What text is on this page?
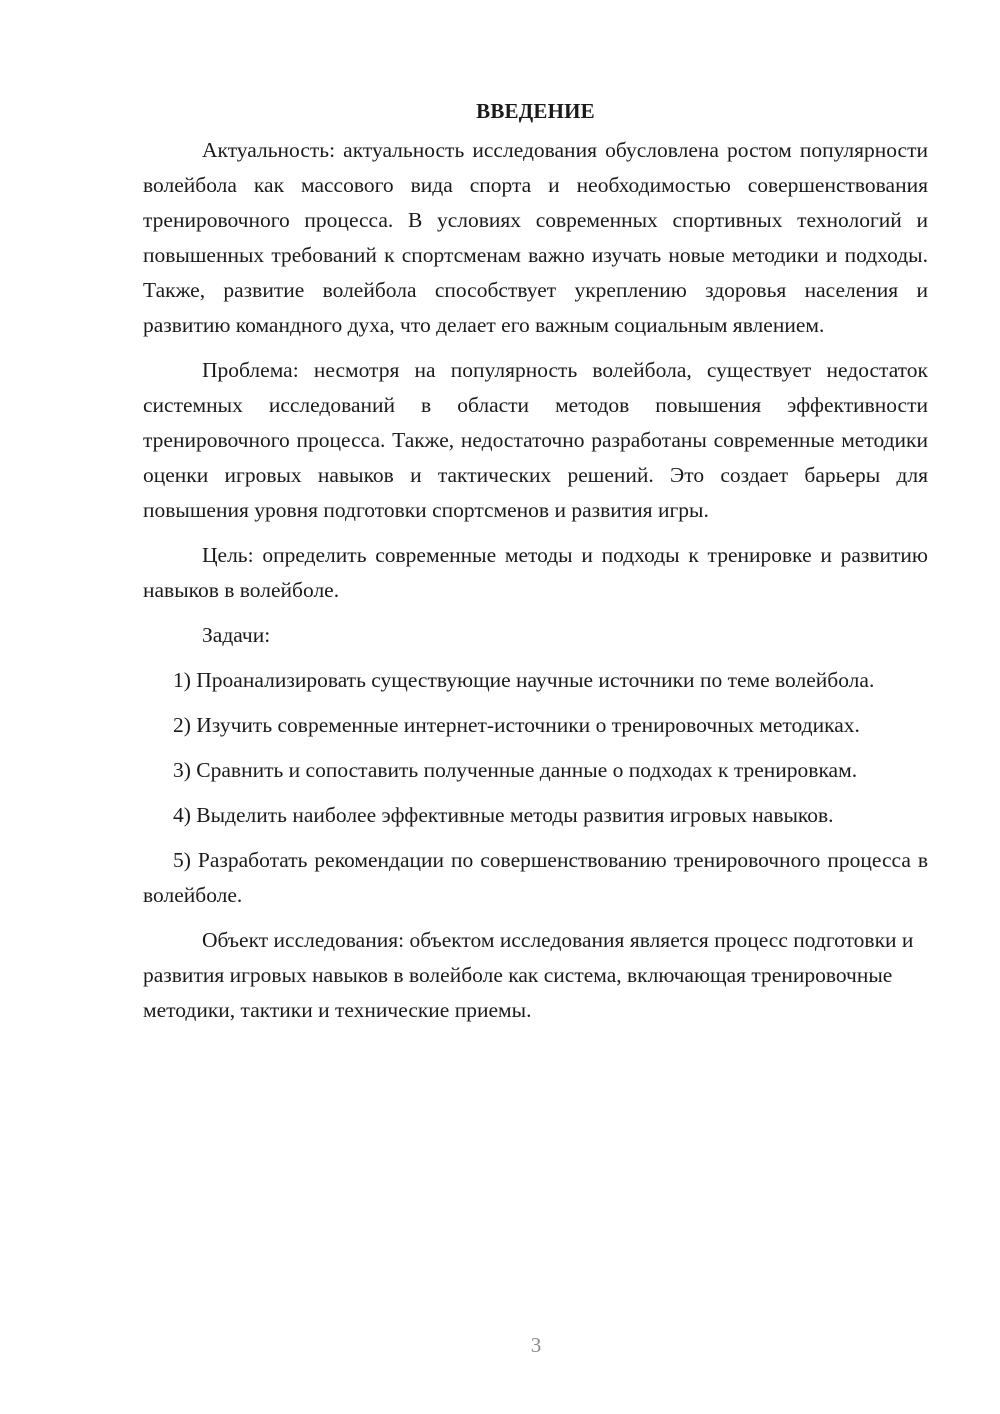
ВВЕДЕНИЕ

Актуальность: актуальность исследования обусловлена ростом популярности волейбола как массового вида спорта и необходимостью совершенствования тренировочного процесса. В условиях современных спортивных технологий и повышенных требований к спортсменам важно изучать новые методики и подходы. Также, развитие волейбола способствует укреплению здоровья населения и развитию командного духа, что делает его важным социальным явлением.

Проблема: несмотря на популярность волейбола, существует недостаток системных исследований в области методов повышения эффективности тренировочного процесса. Также, недостаточно разработаны современные методики оценки игровых навыков и тактических решений. Это создает барьеры для повышения уровня подготовки спортсменов и развития игры.

Цель: определить современные методы и подходы к тренировке и развитию навыков в волейболе.

Задачи:

1) Проанализировать существующие научные источники по теме волейбола.

2) Изучить современные интернет-источники о тренировочных методиках.

3) Сравнить и сопоставить полученные данные о подходах к тренировкам.

4) Выделить наиболее эффективные методы развития игровых навыков.

5) Разработать рекомендации по совершенствованию тренировочного процесса в волейболе.

Объект исследования: объектом исследования является процесс подготовки и развития игровых навыков в волейболе как система, включающая тренировочные методики, тактики и технические приемы.

3
